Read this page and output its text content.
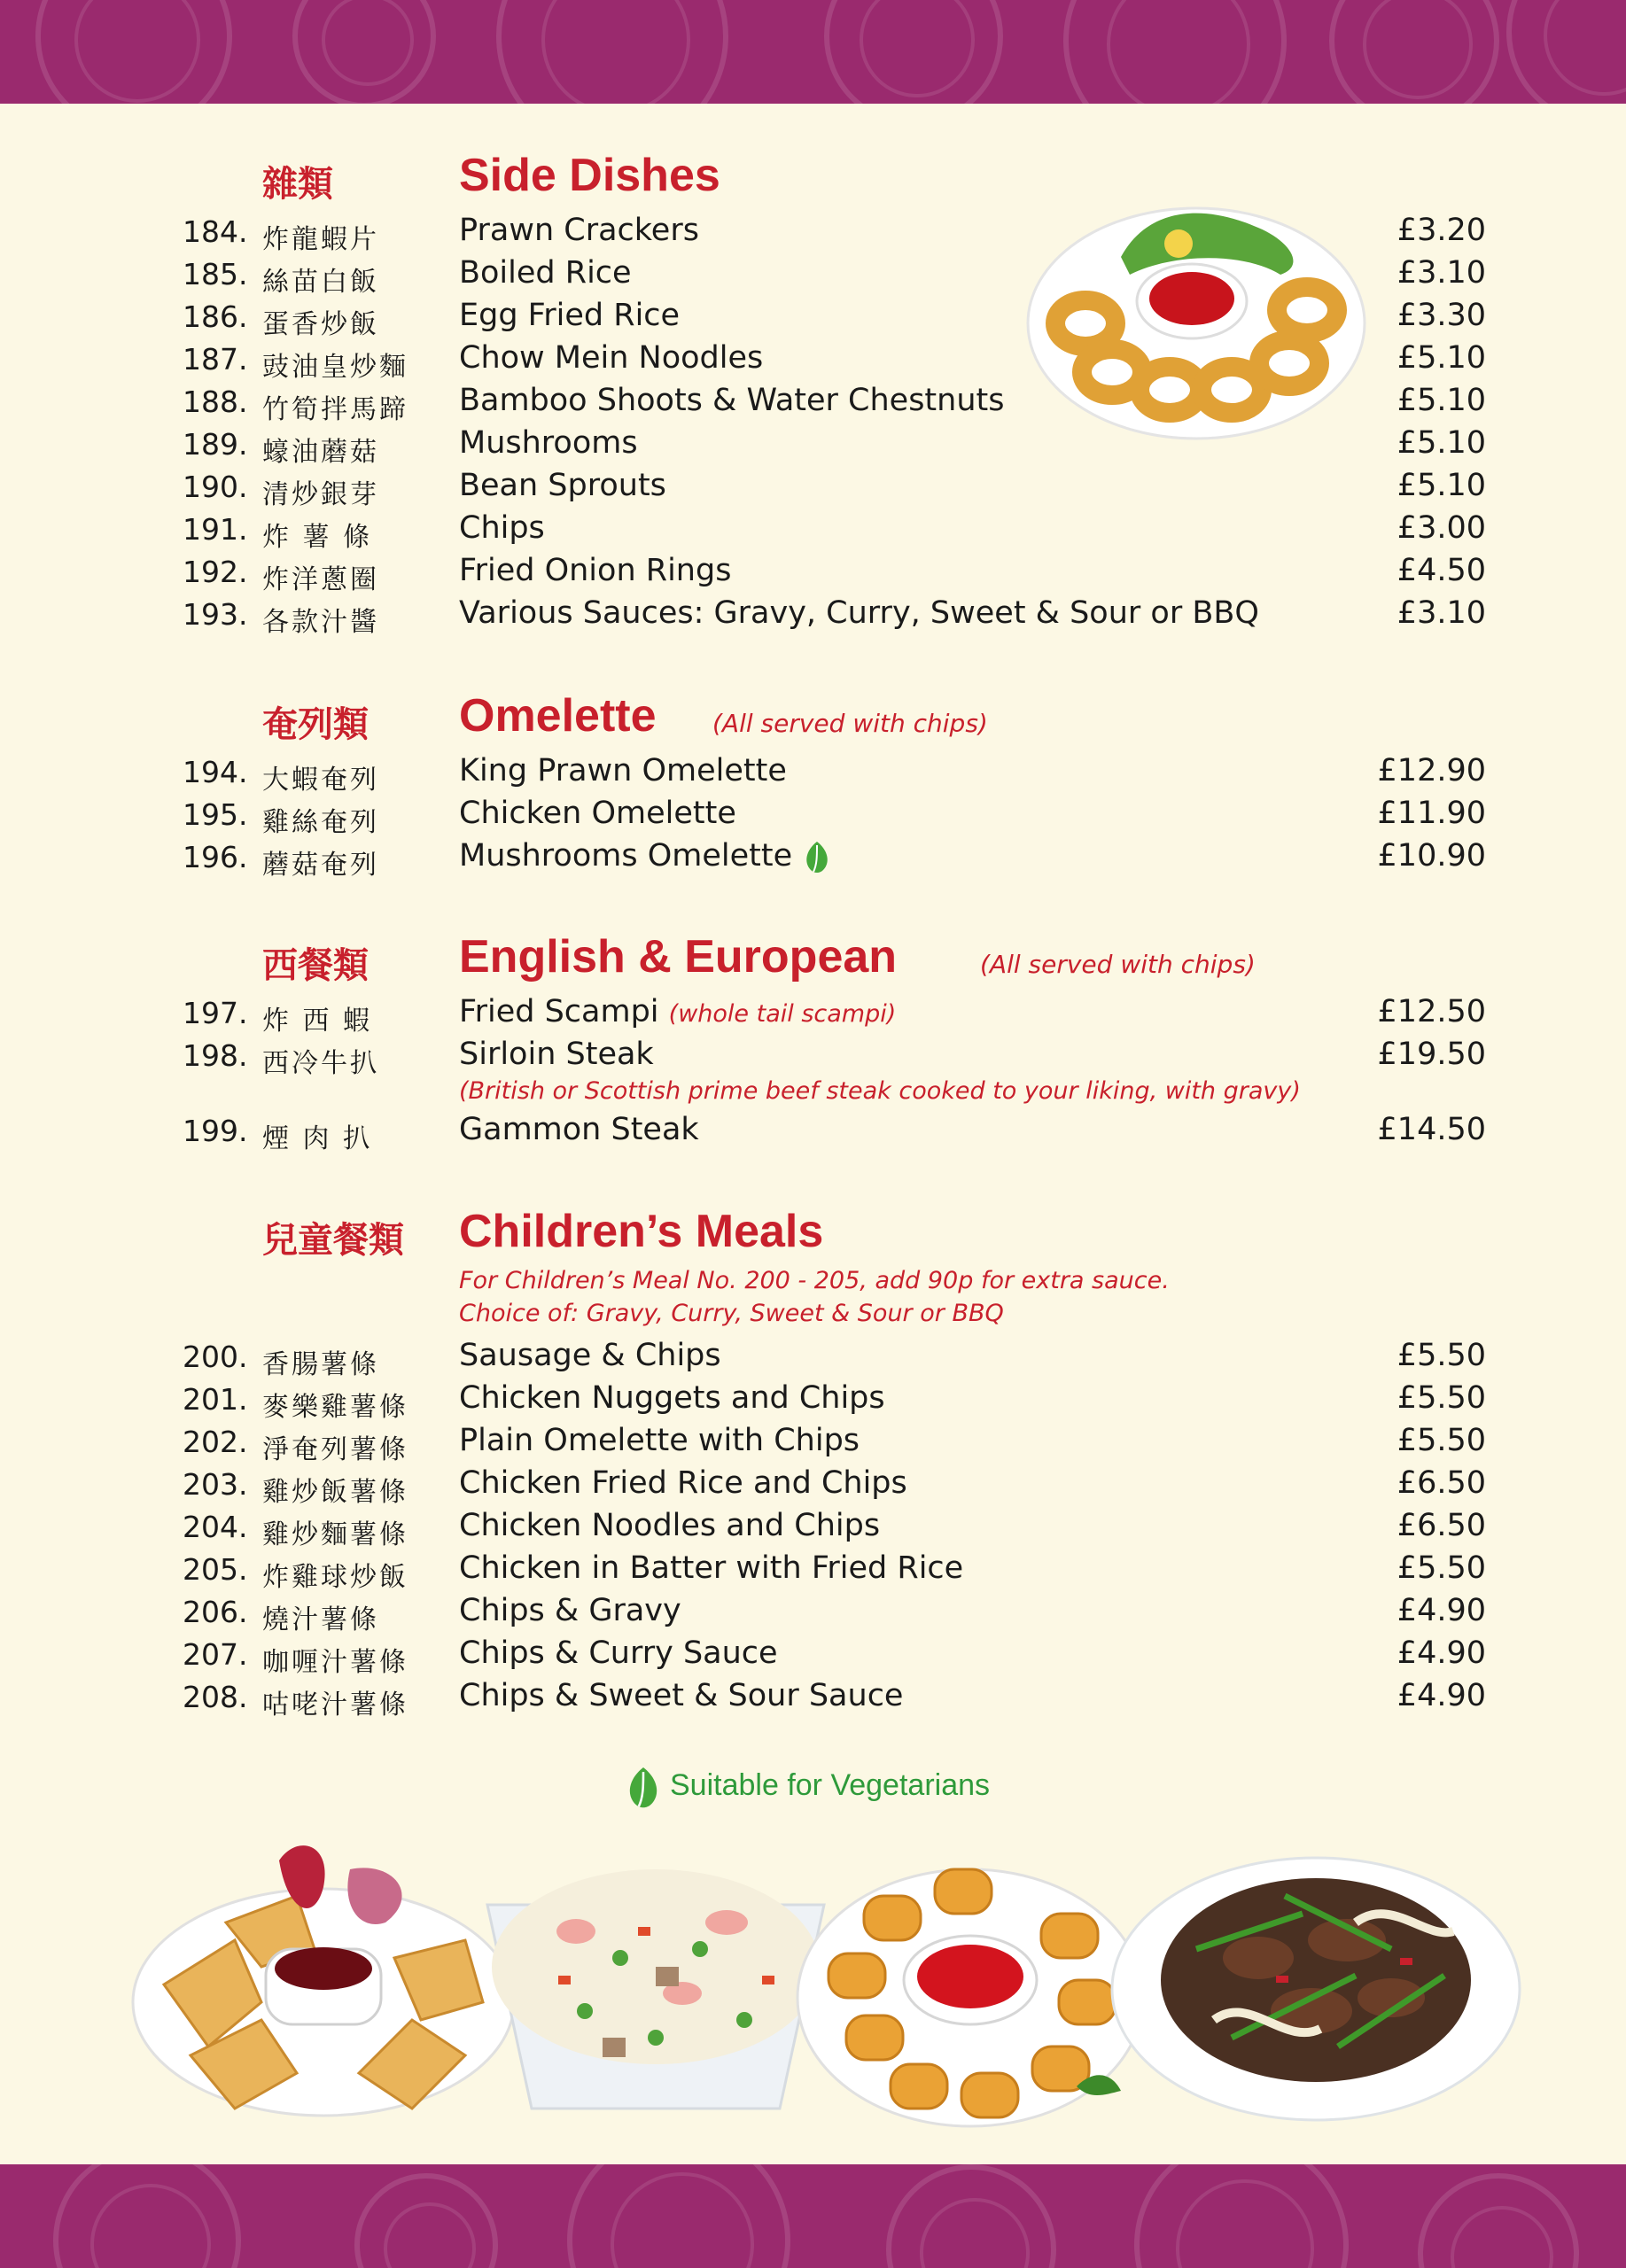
雜類	Side Dishes
184. 炸龍蝦片	Prawn Crackers	£3.20
185. 絲苗白飯	Boiled Rice	£3.10
186. 蛋香炒飯	Egg Fried Rice	£3.30
187. 豉油皇炒麵 Chow Mein Noodles	£5.10
188. 竹筍拌馬蹄 Bamboo Shoots & Water Chestnuts	£5.10
189. 蠔油蘑菇	Mushrooms	£5.10
190. 清炒銀芽	Bean Sprouts	£5.10
191. 炸 薯 條	Chips	£3.00
192. 炸洋蔥圈	Fried Onion Rings	£4.50
193. 各款汁醬	Various Sauces: Gravy, Curry, Sweet & Sour or BBQ	£3.10
奄列類 Omelette (All served with chips)
194. 大蝦奄列	King Prawn Omelette	£12.90
195. 雞絲奄列	Chicken Omelette	£11.90
196. 蘑菇奄列	Mushrooms Omelette	£10.90
西餐類 English & European	(All served with chips)
197. 炸 西 蝦	Fried Scampi (whole tail scampi)	£12.50
198. 西冷牛扒	Sirloin Steak	£19.50
(British or Scottish prime beef steak cooked to your liking, with gravy)
199. 煙 肉 扒	Gammon Steak	£14.50
兒童餐類 Children’s Meals
For Children’s Meal No. 200 - 205, add 90p for extra sauce.
Choice of: Gravy, Curry, Sweet & Sour or BBQ
200. 香腸薯條	Sausage & Chips	£5.50
201. 麥樂雞薯條 Chicken Nuggets and Chips	£5.50
202. 淨奄列薯條 Plain Omelette with Chips	£5.50
203. 雞炒飯薯條 Chicken Fried Rice and Chips	£6.50
204. 雞炒麵薯條 Chicken Noodles and Chips	£6.50
205. 炸雞球炒飯 Chicken in Batter with Fried Rice	£5.50
206. 燒汁薯條	Chips & Gravy	£4.90
207. 咖喱汁薯條 Chips & Curry Sauce	£4.90
208. 咕咾汁薯條 Chips & Sweet & Sour Sauce	£4.90
Suitable for Vegetarians
